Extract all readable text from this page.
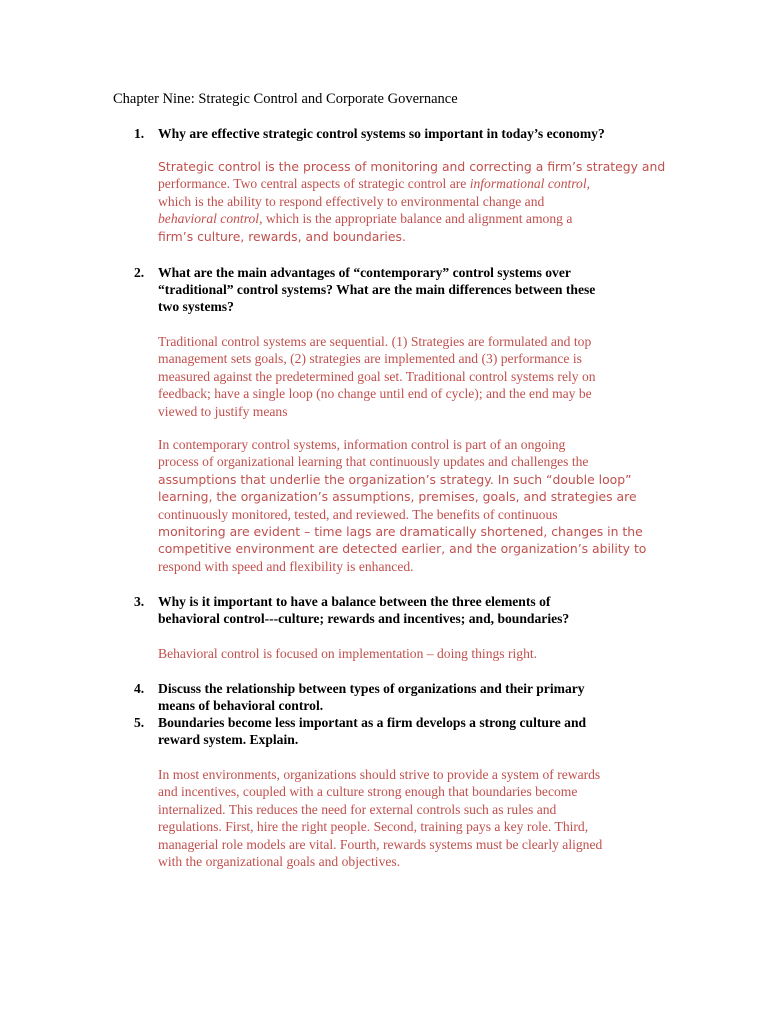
Chapter Nine: Strategic Control and Corporate Governance
1. Why are effective strategic control systems so important in today’s economy?
Strategic control is the process of monitoring and correcting a firm’s strategy and
performance. Two central aspects of strategic control are informational control,
which is the ability to respond effectively to environmental change and
behavioral control, which is the appropriate balance and alignment among a
firm’s culture, rewards, and boundaries.
2. What are the main advantages of “contemporary” control systems over
“traditional” control systems? What are the main differences between these
two systems?
Traditional control systems are sequential. (1) Strategies are formulated and top
management sets goals, (2) strategies are implemented and (3) performance is
measured against the predetermined goal set. Traditional control systems rely on
feedback; have a single loop (no change until end of cycle); and the end may be
viewed to justify means
In contemporary control systems, information control is part of an ongoing
process of organizational learning that continuously updates and challenges the
assumptions that underlie the organization’s strategy. In such “double loop”
learning, the organization’s assumptions, premises, goals, and strategies are
continuously monitored, tested, and reviewed. The benefits of continuous
monitoring are evident – time lags are dramatically shortened, changes in the
competitive environment are detected earlier, and the organization’s ability to
respond with speed and flexibility is enhanced.
3. Why is it important to have a balance between the three elements of
behavioral control---culture; rewards and incentives; and, boundaries?
Behavioral control is focused on implementation – doing things right.
4. Discuss the relationship between types of organizations and their primary
means of behavioral control.
5. Boundaries become less important as a firm develops a strong culture and
reward system. Explain.
In most environments, organizations should strive to provide a system of rewards
and incentives, coupled with a culture strong enough that boundaries become
internalized. This reduces the need for external controls such as rules and
regulations. First, hire the right people. Second, training pays a key role. Third,
managerial role models are vital. Fourth, rewards systems must be clearly aligned
with the organizational goals and objectives.
